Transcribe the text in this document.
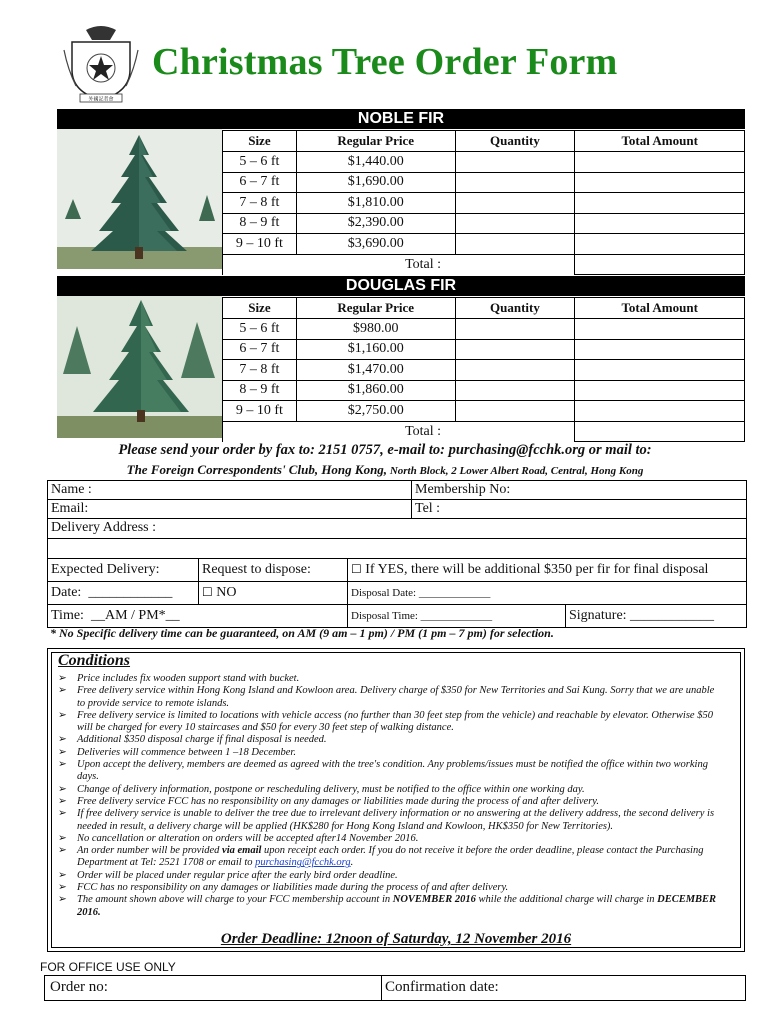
外國記者會
Christmas Tree Order Form
NOBLE FIR
Size	Regular Price	Quantity	Total Amount
5 – 6 ft	$1,440.00		
6 – 7 ft	$1,690.00		
7 – 8 ft	$1,810.00		
8 – 9 ft	$2,390.00		
9 – 10 ft	$3,690.00		
	Total :		
DOUGLAS FIR
Size	Regular Price	Quantity	Total Amount
5 – 6 ft	$980.00		
6 – 7 ft	$1,160.00		
7 – 8 ft	$1,470.00		
8 – 9 ft	$1,860.00		
9 – 10 ft	$2,750.00		
	Total :		
Please send your order by fax to: 2151 0757, e-mail to: purchasing@fcchk.org or mail to:
The Foreign Correspondents' Club, Hong Kong, North Block, 2 Lower Albert Road, Central, Hong Kong
Name :	Membership No:
Email:	Tel :
Delivery Address :
Expected Delivery:	Request to dispose:	☐ If YES, there will be additional $350 per fir for final disposal
Date: ____________	☐ NO	Disposal Date: _____________
Time: __AM / PM*__	Disposal Time: _____________	Signature: ____________
* No Specific delivery time can be guaranteed, on AM (9 am – 1 pm) / PM (1 pm – 7 pm) for selection.
Conditions
➢ Price includes fix wooden support stand with bucket.
➢ Free delivery service within Hong Kong Island and Kowloon area. Delivery charge of $350 for New Territories and Sai Kung. Sorry that we are unable to provide service to remote islands.
➢ Free delivery service is limited to locations with vehicle access (no further than 30 feet step from the vehicle) and reachable by elevator. Otherwise $50 will be charged for every 10 staircases and $50 for every 30 feet step of walking distance.
➢ Additional $350 disposal charge if final disposal is needed.
➢ Deliveries will commence between 1 –18 December.
➢ Upon accept the delivery, members are deemed as agreed with the tree's condition. Any problems/issues must be notified the office within two working days.
➢ Change of delivery information, postpone or rescheduling delivery, must be notified to the office within one working day.
➢ Free delivery service FCC has no responsibility on any damages or liabilities made during the process of and after delivery.
➢ If free delivery service is unable to deliver the tree due to irrelevant delivery information or no answering at the delivery address, the second delivery is needed in result, a delivery charge will be applied (HK$280 for Hong Kong Island and Kowloon, HK$350 for New Territories).
➢ No cancellation or alteration on orders will be accepted after14 November 2016.
➢ An order number will be provided via email upon receipt each order. If you do not receive it before the order deadline, please contact the Purchasing Department at Tel: 2521 1708 or email to purchasing@fcchk.org.
➢ Order will be placed under regular price after the early bird order deadline.
➢ FCC has no responsibility on any damages or liabilities made during the process of and after delivery.
➢ The amount shown above will charge to your FCC membership account in NOVEMBER 2016 while the additional charge will charge in DECEMBER 2016.
Order Deadline: 12noon of Saturday, 12 November 2016
FOR OFFICE USE ONLY
Order no:	Confirmation date:
